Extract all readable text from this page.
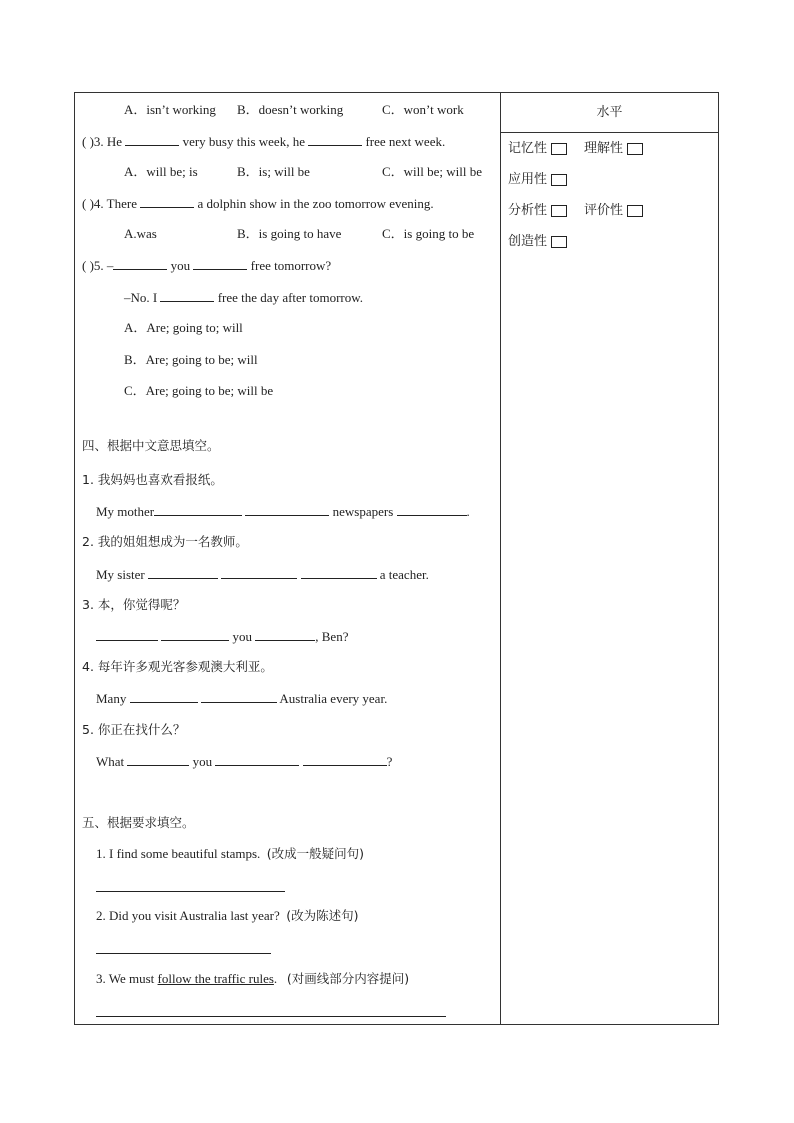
水平
记忆性	理解性
应用性
分析性	评价性
创造性
A．isn’t working B．doesn’t working	C．won’t work
( )3. He	very busy this week, he	free next week.
A．will be; is	B．is; will be	C．will be; will be
( )4. There	a dolphin show in the zoo tomorrow evening.
A.was	B．is going to have	C．is going to be
( )5. –	you	free tomorrow?
–No. I	free the day after tomorrow.
A．Are; going to; will
B．Are; going to be; will
C．Are; going to be; will be
四、根据中文意思填空。
1. 我妈妈也喜欢看报纸。
My mother	newspapers	.
2. 我的姐姐想成为一名教师。
My sister	a teacher.
3. 本，你觉得呢？
you	, Ben?
4. 每年许多观光客参观澳大利亚。
Many	Australia every year.
5. 你正在找什么？
What	you	?
五、根据要求填空。
1. I find some beautiful stamps. (改成一般疑问句)
2. Did you visit Australia last year? (改为陈述句)
3. We must follow the traffic rules. (对画线部分内容提问)
